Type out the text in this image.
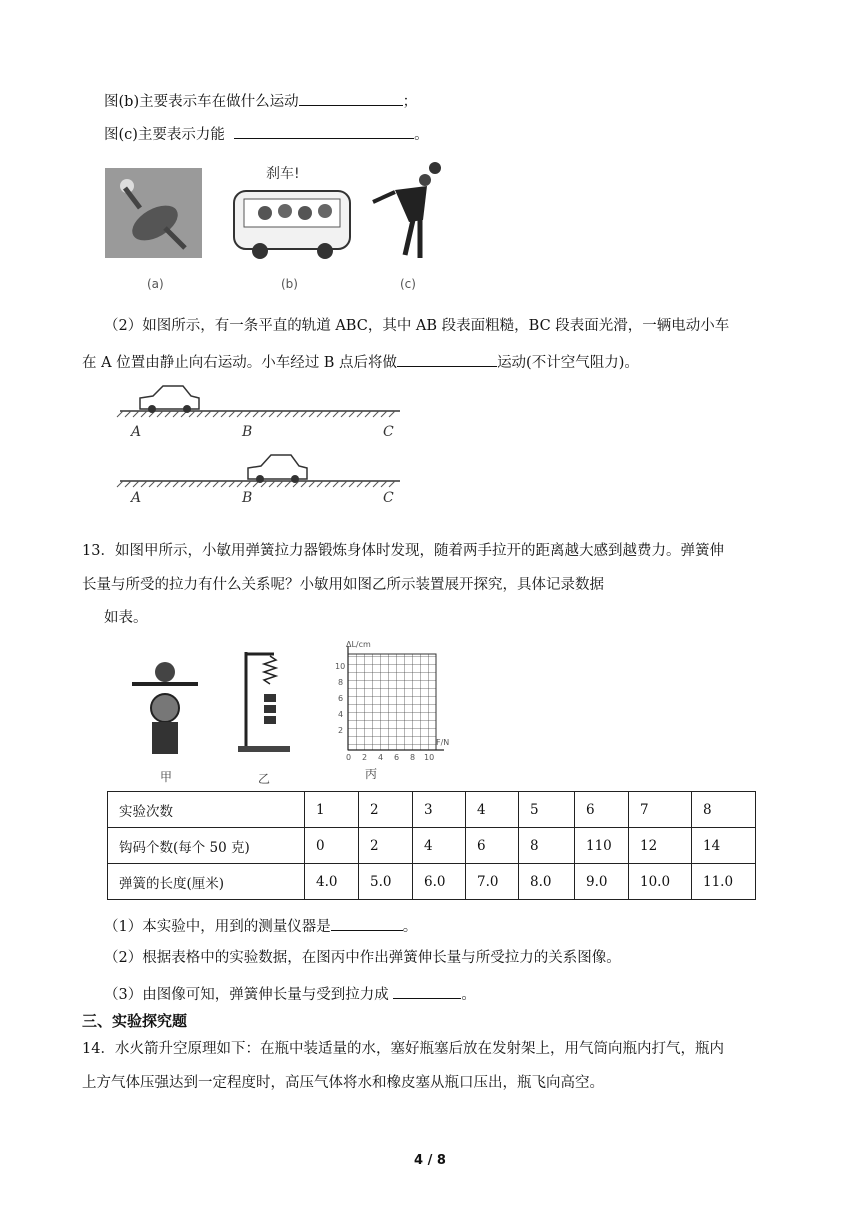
图(b)主要表示车在做什么运动	；
图(c)主要表示力能	。
刹车!
(a)	(b)	(c)
（2）如图所示，有一条平直的轨道 ABC，其中 AB 段表面粗糙，BC 段表面光滑，一辆电动小车
在 A 位置由静止向右运动。小车经过 B 点后将做	运动(不计空气阻力)。
A	B	C
A	B	C
13．如图甲所示，小敏用弹簧拉力器锻炼身体时发现，随着两手拉开的距离越大感到越费力。弹簧伸
长量与所受的拉力有什么关系呢？小敏用如图乙所示装置展开探究，具体记录数据
如表。
ΔL/cm
F/N
2
4
6
8
10
0 2 4 6 8 10
甲	乙	丙
实验次数	1	2	3	4	5	6	7	8
钩码个数(每个 50 克)	0	2	4	6	8	110	12	14
弹簧的长度(厘米)	4.0	5.0	6.0	7.0	8.0	9.0	10.0	11.0
（1）本实验中，用到的测量仪器是	。
（2）根据表格中的实验数据，在图丙中作出弹簧伸长量与所受拉力的关系图像。
（3）由图像可知，弹簧伸长量与受到拉力成	。
三、实验探究题
14．水火箭升空原理如下：在瓶中装适量的水，塞好瓶塞后放在发射架上，用气筒向瓶内打气，瓶内
上方气体压强达到一定程度时，高压气体将水和橡皮塞从瓶口压出，瓶飞向高空。
4 / 8
